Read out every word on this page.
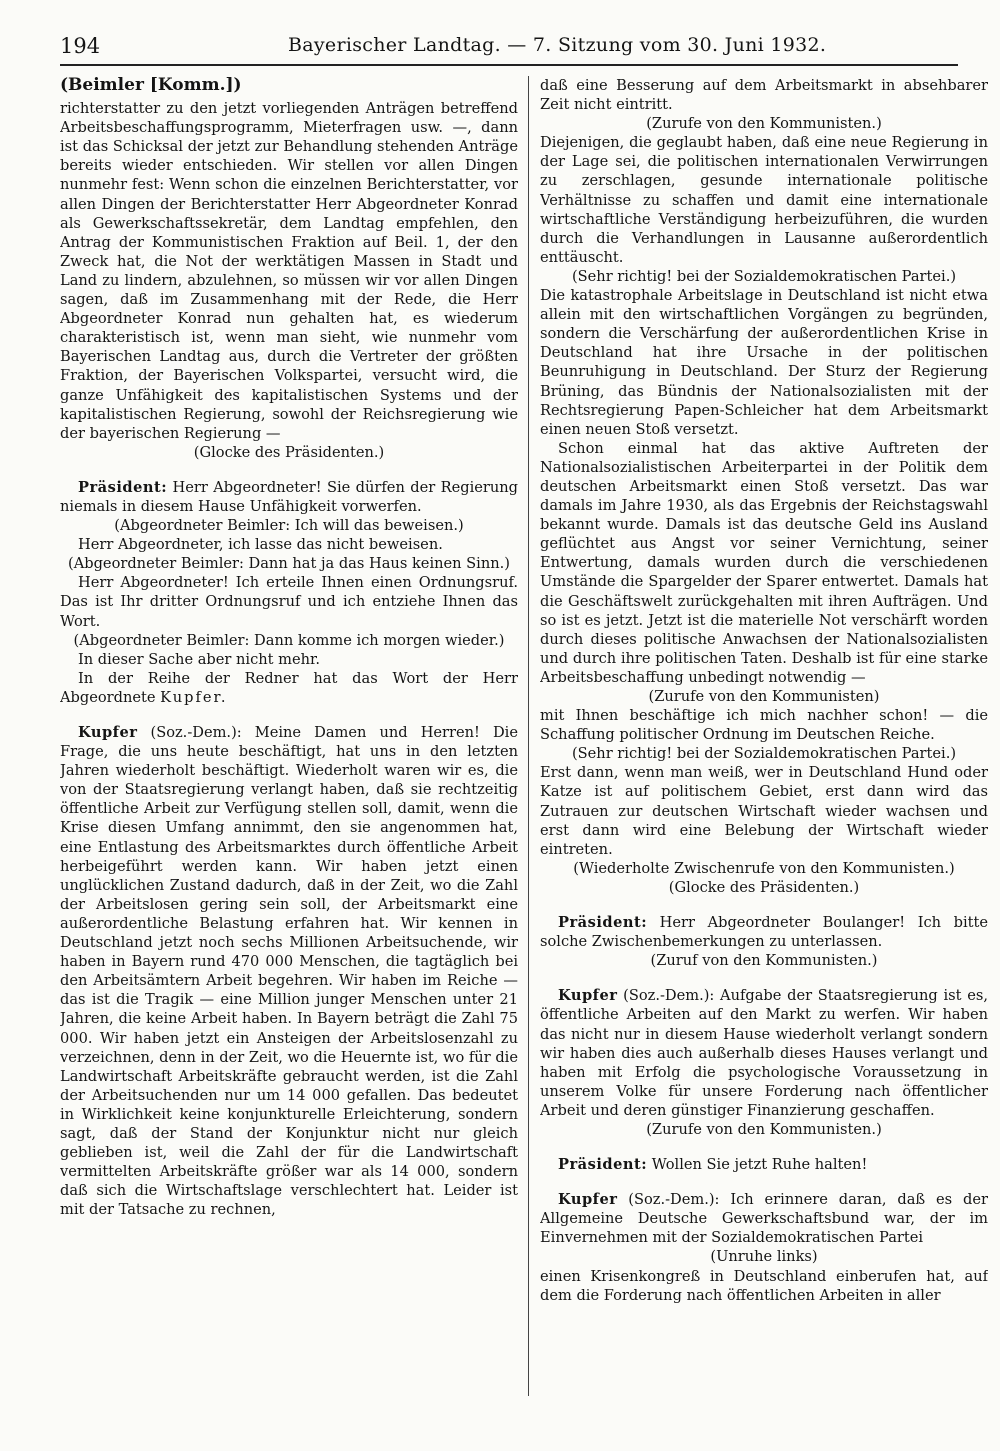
194	Bayerischer Landtag. — 7. Sitzung vom 30. Juni 1932.
(Beimler [Komm.])

richterstatter zu den jetzt vorliegenden Anträgen betreffend Arbeitsbeschaffungsprogramm, Mieterfragen usw. —, dann ist das Schicksal der jetzt zur Behandlung stehenden Anträge bereits wieder entschieden. Wir stellen vor allen Dingen nunmehr fest: Wenn schon die einzelnen Berichterstatter, vor allen Dingen der Berichterstatter Herr Abgeordneter Konrad als Gewerkschaftssekretär, dem Landtag empfehlen, den Antrag der Kommunistischen Fraktion auf Beil. 1, der den Zweck hat, die Not der werktätigen Massen in Stadt und Land zu lindern, abzulehnen, so müssen wir vor allen Dingen sagen, daß im Zusammenhang mit der Rede, die Herr Abgeordneter Konrad nun gehalten hat, es wiederum charakteristisch ist, wenn man sieht, wie nunmehr vom Bayerischen Landtag aus, durch die Vertreter der größten Fraktion, der Bayerischen Volkspartei, versucht wird, die ganze Unfähigkeit des kapitalistischen Systems und der kapitalistischen Regierung, sowohl der Reichsregierung wie der bayerischen Regierung —

(Glocke des Präsidenten.)

Präsident: Herr Abgeordneter! Sie dürfen der Regierung niemals in diesem Hause Unfähigkeit vorwerfen.

(Abgeordneter Beimler: Ich will das beweisen.)

Herr Abgeordneter, ich lasse das nicht beweisen.

(Abgeordneter Beimler: Dann hat ja das Haus keinen Sinn.)

Herr Abgeordneter! Ich erteile Ihnen einen Ordnungsruf. Das ist Ihr dritter Ordnungsruf und ich entziehe Ihnen das Wort.

(Abgeordneter Beimler: Dann komme ich morgen wieder.)

In dieser Sache aber nicht mehr.

In der Reihe der Redner hat das Wort der Herr Abgeordnete Kupfer.

Kupfer (Soz.-Dem.): Meine Damen und Herren! Die Frage, die uns heute beschäftigt, hat uns in den letzten Jahren wiederholt beschäftigt. Wiederholt waren wir es, die von der Staatsregierung verlangt haben, daß sie rechtzeitig öffentliche Arbeit zur Verfügung stellen soll, damit, wenn die Krise diesen Umfang annimmt, den sie angenommen hat, eine Entlastung des Arbeitsmarktes durch öffentliche Arbeit herbeigeführt werden kann. Wir haben jetzt einen unglücklichen Zustand dadurch, daß in der Zeit, wo die Zahl der Arbeitslosen gering sein soll, der Arbeitsmarkt eine außerordentliche Belastung erfahren hat. Wir kennen in Deutschland jetzt noch sechs Millionen Arbeitsuchende, wir haben in Bayern rund 470 000 Menschen, die tagtäglich bei den Arbeitsämtern Arbeit begehren. Wir haben im Reiche — das ist die Tragik — eine Million junger Menschen unter 21 Jahren, die keine Arbeit haben. In Bayern beträgt die Zahl 75 000. Wir haben jetzt ein Ansteigen der Arbeitslosenzahl zu verzeichnen, denn in der Zeit, wo die Heuernte ist, wo für die Landwirtschaft Arbeitskräfte gebraucht werden, ist die Zahl der Arbeitsuchenden nur um 14 000 gefallen. Das bedeutet in Wirklichkeit keine konjunkturelle Erleichterung, sondern sagt, daß der Stand der Konjunktur nicht nur gleich geblieben ist, weil die Zahl der für die Landwirtschaft vermittelten Arbeitskräfte größer war als 14 000, sondern daß sich die Wirtschaftslage verschlechtert hat. Leider ist mit der Tatsache zu rechnen,

daß eine Besserung auf dem Arbeitsmarkt in absehbarer Zeit nicht eintritt.

(Zurufe von den Kommunisten.)

Diejenigen, die geglaubt haben, daß eine neue Regierung in der Lage sei, die politischen internationalen Verwirrungen zu zerschlagen, gesunde internationale politische Verhältnisse zu schaffen und damit eine internationale wirtschaftliche Verständigung herbeizuführen, die wurden durch die Verhandlungen in Lausanne außerordentlich enttäuscht.

(Sehr richtig! bei der Sozialdemokratischen Partei.)

Die katastrophale Arbeitslage in Deutschland ist nicht etwa allein mit den wirtschaftlichen Vorgängen zu begründen, sondern die Verschärfung der außerordentlichen Krise in Deutschland hat ihre Ursache in der politischen Beunruhigung in Deutschland. Der Sturz der Regierung Brüning, das Bündnis der Nationalsozialisten mit der Rechtsregierung Papen-Schleicher hat dem Arbeitsmarkt einen neuen Stoß versetzt.

Schon einmal hat das aktive Auftreten der Nationalsozialistischen Arbeiterpartei in der Politik dem deutschen Arbeitsmarkt einen Stoß versetzt. Das war damals im Jahre 1930, als das Ergebnis der Reichstagswahl bekannt wurde. Damals ist das deutsche Geld ins Ausland geflüchtet aus Angst vor seiner Vernichtung, seiner Entwertung, damals wurden durch die verschiedenen Umstände die Spargelder der Sparer entwertet. Damals hat die Geschäftswelt zurückgehalten mit ihren Aufträgen. Und so ist es jetzt. Jetzt ist die materielle Not verschärft worden durch dieses politische Anwachsen der Nationalsozialisten und durch ihre politischen Taten. Deshalb ist für eine starke Arbeitsbeschaffung unbedingt notwendig —

(Zurufe von den Kommunisten)

mit Ihnen beschäftige ich mich nachher schon! — die Schaffung politischer Ordnung im Deutschen Reiche.

(Sehr richtig! bei der Sozialdemokratischen Partei.)

Erst dann, wenn man weiß, wer in Deutschland Hund oder Katze ist auf politischem Gebiet, erst dann wird das Zutrauen zur deutschen Wirtschaft wieder wachsen und erst dann wird eine Belebung der Wirtschaft wieder eintreten.

(Wiederholte Zwischenrufe von den Kommunisten.)

(Glocke des Präsidenten.)

Präsident: Herr Abgeordneter Boulanger! Ich bitte solche Zwischenbemerkungen zu unterlassen.

(Zuruf von den Kommunisten.)

Kupfer (Soz.-Dem.): Aufgabe der Staatsregierung ist es, öffentliche Arbeiten auf den Markt zu werfen. Wir haben das nicht nur in diesem Hause wiederholt verlangt sondern wir haben dies auch außerhalb dieses Hauses verlangt und haben mit Erfolg die psychologische Voraussetzung in unserem Volke für unsere Forderung nach öffentlicher Arbeit und deren günstiger Finanzierung geschaffen.

(Zurufe von den Kommunisten.)

Präsident: Wollen Sie jetzt Ruhe halten!

Kupfer (Soz.-Dem.): Ich erinnere daran, daß es der Allgemeine Deutsche Gewerkschaftsbund war, der im Einvernehmen mit der Sozialdemokratischen Partei

(Unruhe links)

einen Krisenkongreß in Deutschland einberufen hat, auf dem die Forderung nach öffentlichen Arbeiten in aller
